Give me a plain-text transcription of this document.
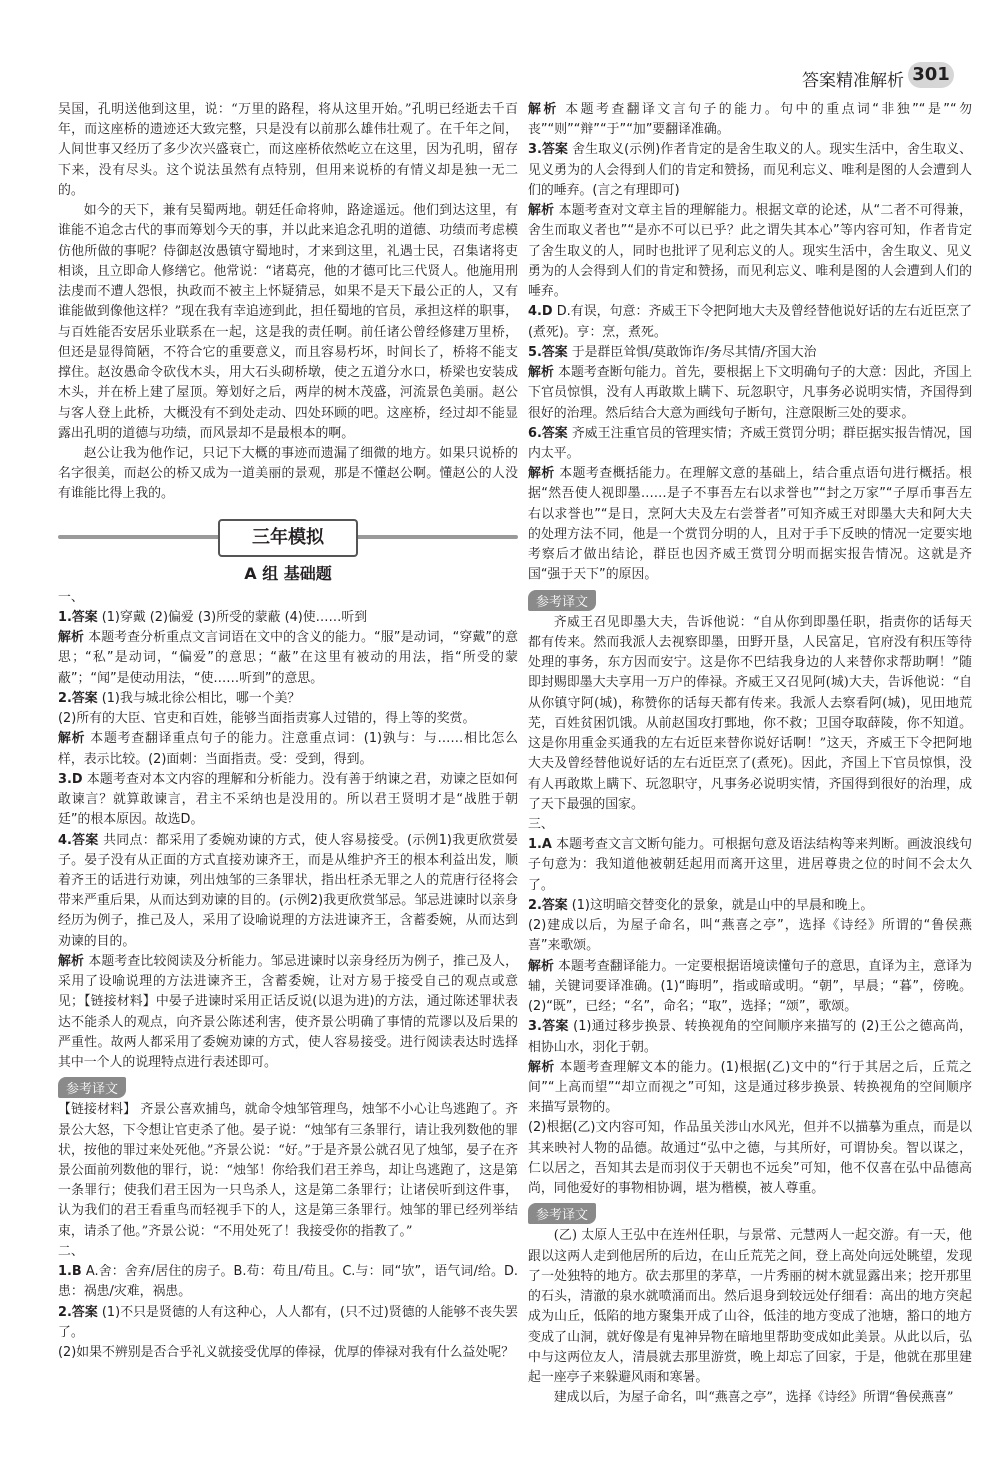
答案精准解析 301

吴国，孔明送他到这里，说：“万里的路程，将从这里开始。”孔明已经逝去千百年，而这座桥的遗迹还大致完整，只是没有以前那么雄伟壮观了。在千年之间，人间世事又经历了多少次兴盛衰亡，而这座桥依然屹立在这里，因为孔明，留存下来，没有尽头。这个说法虽然有点特别，但用来说桥的有情义却是独一无二的。

如今的天下，兼有吴蜀两地。朝廷任命将帅，路途遥远。他们到达这里，有谁能不追念古代的事而筹划今天的事，并以此来追念孔明的道德、功绩而考虑模仿他所做的事呢？侍御赵汝愚镇守蜀地时，才来到这里，礼遇士民，召集诸将吏相谈，且立即命人修缮它。他常说：“诸葛亮，他的才德可比三代贤人。他施用刑法虔而不遭人怨恨，执政而不被主上怀疑猜忌，如果不是天下最公正的人，又有谁能做到像他这样？”现在我有幸追迹到此，担任蜀地的官员，承担这样的职事，与百姓能否安居乐业联系在一起，这是我的责任啊。前任诸公曾经修建万里桥，但还是显得简陋，不符合它的重要意义，而且容易朽坏，时间长了，桥将不能支撑住。赵汝愚命令砍伐木头，用大石头砌桥墩，使之五道分水口，桥梁也安装成木头，并在桥上建了屋顶。筹划好之后，两岸的树木茂盛，河流景色美丽。赵公与客人登上此桥，大概没有不到处走动、四处环顾的吧。这座桥，经过却不能显露出孔明的道德与功绩，而风景却不是最根本的啊。

赵公让我为他作记，只记下大概的事迹而遗漏了细微的地方。如果只说桥的名字很美，而赵公的桥又成为一道美丽的景观，那是不懂赵公啊。懂赵公的人没有谁能比得上我的。

三年模拟
A 组 基础题

一、

1.答案 (1)穿戴 (2)偏爱 (3)所受的蒙蔽 (4)使……听到

解析 本题考查分析重点文言词语在文中的含义的能力。“服”是动词，“穿戴”的意思；“私”是动词，“偏爱”的意思；“蔽”在这里有被动的用法，指“所受的蒙蔽”；“闻”是使动用法，“使……听到”的意思。

2.答案 (1)我与城北徐公相比，哪一个美？

(2)所有的大臣、官吏和百姓，能够当面指责寡人过错的，得上等的奖赏。

解析 本题考查翻译重点句子的能力。注意重点词：(1)孰与：与……相比怎么样，表示比较。(2)面刺：当面指责。受：受到，得到。

3.D 本题考查对本文内容的理解和分析能力。没有善于纳谏之君，劝谏之臣如何敢谏言？就算敢谏言，君主不采纳也是没用的。所以君王贤明才是“战胜于朝廷”的根本原因。故选D。

4.答案 共同点：都采用了委婉劝谏的方式，使人容易接受。(示例1)我更欣赏晏子。晏子没有从正面的方式直接劝谏齐王，而是从维护齐王的根本利益出发，顺着齐王的话进行劝谏，列出烛邹的三条罪状，指出枉杀无罪之人的荒唐行径将会带来严重后果，从而达到劝谏的目的。(示例2)我更欣赏邹忌。邹忌进谏时以亲身经历为例子，推己及人，采用了设喻说理的方法进谏齐王，含蓄委婉，从而达到劝谏的目的。

解析 本题考查比较阅读及分析能力。邹忌进谏时以亲身经历为例子，推己及人，采用了设喻说理的方法进谏齐王，含蓄委婉，让对方易于接受自己的观点或意见；【链接材料】中晏子进谏时采用正话反说(以退为进)的方法，通过陈述罪状表达不能杀人的观点，向齐景公陈述利害，使齐景公明确了事情的荒谬以及后果的严重性。故两人都采用了委婉劝谏的方式，使人容易接受。进行阅读表达时选择其中一个人的说理特点进行表述即可。

参考译文

【链接材料】 齐景公喜欢捕鸟，就命令烛邹管理鸟，烛邹不小心让鸟逃跑了。齐景公大怒，下令想让官吏杀了他。晏子说：“烛邹有三条罪行，请让我列数他的罪状，按他的罪过来处死他。”齐景公说：“好。”于是齐景公就召见了烛邹，晏子在齐景公面前列数他的罪行，说：“烛邹！你给我们君王养鸟，却让鸟逃跑了，这是第一条罪行；使我们君王因为一只鸟杀人，这是第二条罪行；让诸侯听到这件事，认为我们的君王看重鸟而轻视手下的人，这是第三条罪行。烛邹的罪已经列举结束，请杀了他。”齐景公说：“不用处死了！我接受你的指教了。”

二、

1.B A.舍：舍弃/居住的房子。B.苟：苟且/苟且。C.与：同“欤”，语气词/给。D.患：祸患/灾难，祸患。

2.答案 (1)不只是贤德的人有这种心，人人都有，(只不过)贤德的人能够不丧失罢了。

(2)如果不辨别是否合乎礼义就接受优厚的俸禄，优厚的俸禄对我有什么益处呢？

解析 本题考查翻译文言句子的能力。句中的重点词“非独”“是”“勿丧”“则”“辩”“于”“加”要翻译准确。

3.答案 舍生取义(示例)作者肯定的是舍生取义的人。现实生活中，舍生取义、见义勇为的人会得到人们的肯定和赞扬，而见利忘义、唯利是图的人会遭到人们的唾弃。(言之有理即可)

解析 本题考查对文章主旨的理解能力。根据文章的论述，从“二者不可得兼，舍生而取义者也”“是亦不可以已乎？此之谓失其本心”等内容可知，作者肯定了舍生取义的人，同时也批评了见利忘义的人。现实生活中，舍生取义、见义勇为的人会得到人们的肯定和赞扬，而见利忘义、唯利是图的人会遭到人们的唾弃。

4.D D.有误，句意：齐威王下令把阿地大夫及曾经替他说好话的左右近臣烹了(煮死)。亨：烹，煮死。

5.答案 于是群臣耸惧/莫敢饰诈/务尽其情/齐国大治

解析 本题考查断句能力。首先，要根据上下文明确句子的大意：因此，齐国上下官员惊惧，没有人再敢欺上瞒下、玩忽职守，凡事务必说明实情，齐国得到很好的治理。然后结合大意为画线句子断句，注意限断三处的要求。

6.答案 齐威王注重官员的管理实情；齐威王赏罚分明；群臣据实报告情况，国内太平。

解析 本题考查概括能力。在理解文意的基础上，结合重点语句进行概括。根据“然吾使人视即墨……是子不事吾左右以求誉也”“封之万家”“子厚币事吾左右以求誉也”“是日，烹阿大夫及左右尝誉者”可知齐威王对即墨大夫和阿大夫的处理方法不同，他是一个赏罚分明的人，且对于手下反映的情况一定要实地考察后才做出结论，群臣也因齐威王赏罚分明而据实报告情况。这就是齐国“强于天下”的原因。

参考译文

齐威王召见即墨大夫，告诉他说：“自从你到即墨任职，指责你的话每天都有传来。然而我派人去视察即墨，田野开垦，人民富足，官府没有积压等待处理的事务，东方因而安宁。这是你不巴结我身边的人来替你求帮助啊！”随即封赐即墨大夫享用一万户的俸禄。齐威王又召见阿(城)大夫，告诉他说：“自从你镇守阿(城)，称赞你的话每天都有传来。我派人去察看阿(城)，见田地荒芜，百姓贫困饥饿。从前赵国攻打鄄地，你不救；卫国夺取薛陵，你不知道。这是你用重金买通我的左右近臣来替你说好话啊！”这天，齐威王下令把阿地大夫及曾经替他说好话的左右近臣烹了(煮死)。因此，齐国上下官员惊惧，没有人再敢欺上瞒下、玩忽职守，凡事务必说明实情，齐国得到很好的治理，成了天下最强的国家。

三、

1.A 本题考查文言文断句能力。可根据句意及语法结构等来判断。画波浪线句子句意为：我知道他被朝廷起用而离开这里，进居尊贵之位的时间不会太久了。

2.答案 (1)这明暗交替变化的景象，就是山中的早晨和晚上。

(2)建成以后，为屋子命名，叫“燕喜之亭”，选择《诗经》所谓的“鲁侯燕喜”来歌颂。

解析 本题考查翻译能力。一定要根据语境读懂句子的意思，直译为主，意译为辅，关键词要译准确。(1)“晦明”，指或暗或明。“朝”，早晨；“暮”，傍晚。(2)“既”，已经；“名”，命名；“取”，选择；“颂”，歌颂。

3.答案 (1)通过移步换景、转换视角的空间顺序来描写的 (2)王公之德高尚，相协山水，羽化于朝。

解析 本题考查理解文本的能力。(1)根据(乙)文中的“行于其居之后，丘荒之间”“上高而望”“却立而视之”可知，这是通过移步换景、转换视角的空间顺序来描写景物的。

(2)根据(乙)文内容可知，作品虽关涉山水风光，但并不以描摹为重点，而是以其来映衬人物的品德。故通过“弘中之德，与其所好，可谓协矣。智以谋之，仁以居之，吾知其去是而羽仪于天朝也不远矣”可知，他不仅喜在弘中品德高尚，同他爱好的事物相协调，堪为楷模，被人尊重。

参考译文

(乙) 太原人王弘中在连州任职，与景常、元慧两人一起交游。有一天，他跟以这两人走到他居所的后边，在山丘荒芜之间，登上高处向远处眺望，发现了一处独特的地方。砍去那里的茅草，一片秀丽的树木就显露出来；挖开那里的石头，清澈的泉水就喷涌而出。然后退身到较远处仔细看：高出的地方突起成为山丘，低陷的地方聚集开成了山谷，低洼的地方变成了池塘，豁口的地方变成了山洞，就好像是有鬼神异物在暗地里帮助变成如此美景。从此以后，弘中与这两位友人，清晨就去那里游赏，晚上却忘了回家，于是，他就在那里建起一座亭子来躲避风雨和寒暑。

建成以后，为屋子命名，叫“燕喜之亭”，选择《诗经》所谓“鲁侯燕喜”
